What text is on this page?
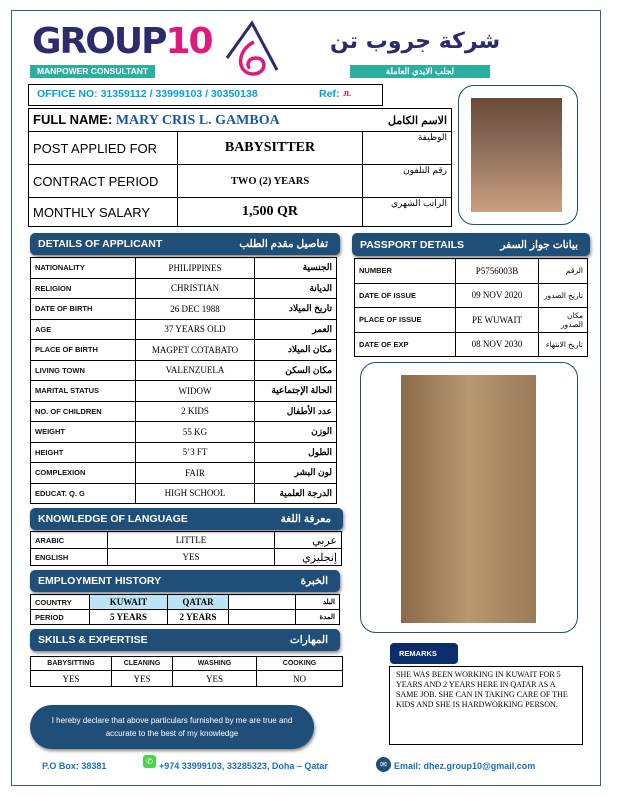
GROUP10
MANPOWER CONSULTANT
شركة جروب تن
لجلب الايدي العاملة
OFFICE NO: 31359112 / 33999103 / 30350138	Ref: JL
FULL NAME: MARY CRIS L. GAMBOA		الاسم الكامل
POST APPLIED FOR	BABYSITTER	الوظيفة
CONTRACT PERIOD	TWO (2) YEARS	رقم التلفون
MONTHLY SALARY	1,500 QR	الراتب الشهري
DETAILS OF APPLICANT	تفاصيل مقدم الطلب
NATIONALITY	PHILIPPINES	الجنسية
RELIGION	CHRISTIAN	الديانة
DATE OF BIRTH	26 DEC 1988	تاريخ الميلاد
AGE	37 YEARS OLD	العمر
PLACE OF BIRTH	MAGPET COTABATO	مكان الميلاد
LIVING TOWN	VALENZUELA	مكان السكن
MARITAL STATUS	WIDOW	الحالة الإجتماعية
NO. OF CHILDREN	2 KIDS	عدد الأطفال
WEIGHT	55 KG	الوزن
HEIGHT	5’3 FT	الطول
COMPLEXION	FAIR	لون البشر
EDUCAT. Q. G	HIGH SCHOOL	الدرجة العلمية
PASSPORT DETAILS	بيانات جواز السفر
NUMBER	P5756003B	الرقم
DATE OF ISSUE	09 NOV 2020	تاريخ الصدور
PLACE OF ISSUE	PE WUWAIT	مكان الصدور
DATE OF EXP	08 NOV 2030	تاريخ الانتهاء
KNOWLEDGE OF LANGUAGE	معرفة اللغة
ARABIC	LITTLE	عربي
ENGLISH	YES	إنجليزي
EMPLOYMENT HISTORY	الخبرة
COUNTRY	KUWAIT	QATAR		البلد
PERIOD	5 YEARS	2 YEARS		المدة
SKILLS & EXPERTISE	المهارات
BABYSITTING	CLEANING	WASHING	COOKING
YES	YES	YES	NO
I hereby declare that above particulars furnished by me are true and accurate to the best of my knowledge
REMARKS
SHE WAS BEEN WORKING IN KUWAIT FOR 5 YEARS AND 2 YEARS HERE IN QATAR AS A SAME JOB. SHE CAN IN TAKING CARE OF THE KIDS AND SHE IS HARDWORKING PERSON.
P.O Box: 38381	✆ +974 33999103, 33285323, Doha – Qatar	✉ Email: dhez.group10@gmail.com
